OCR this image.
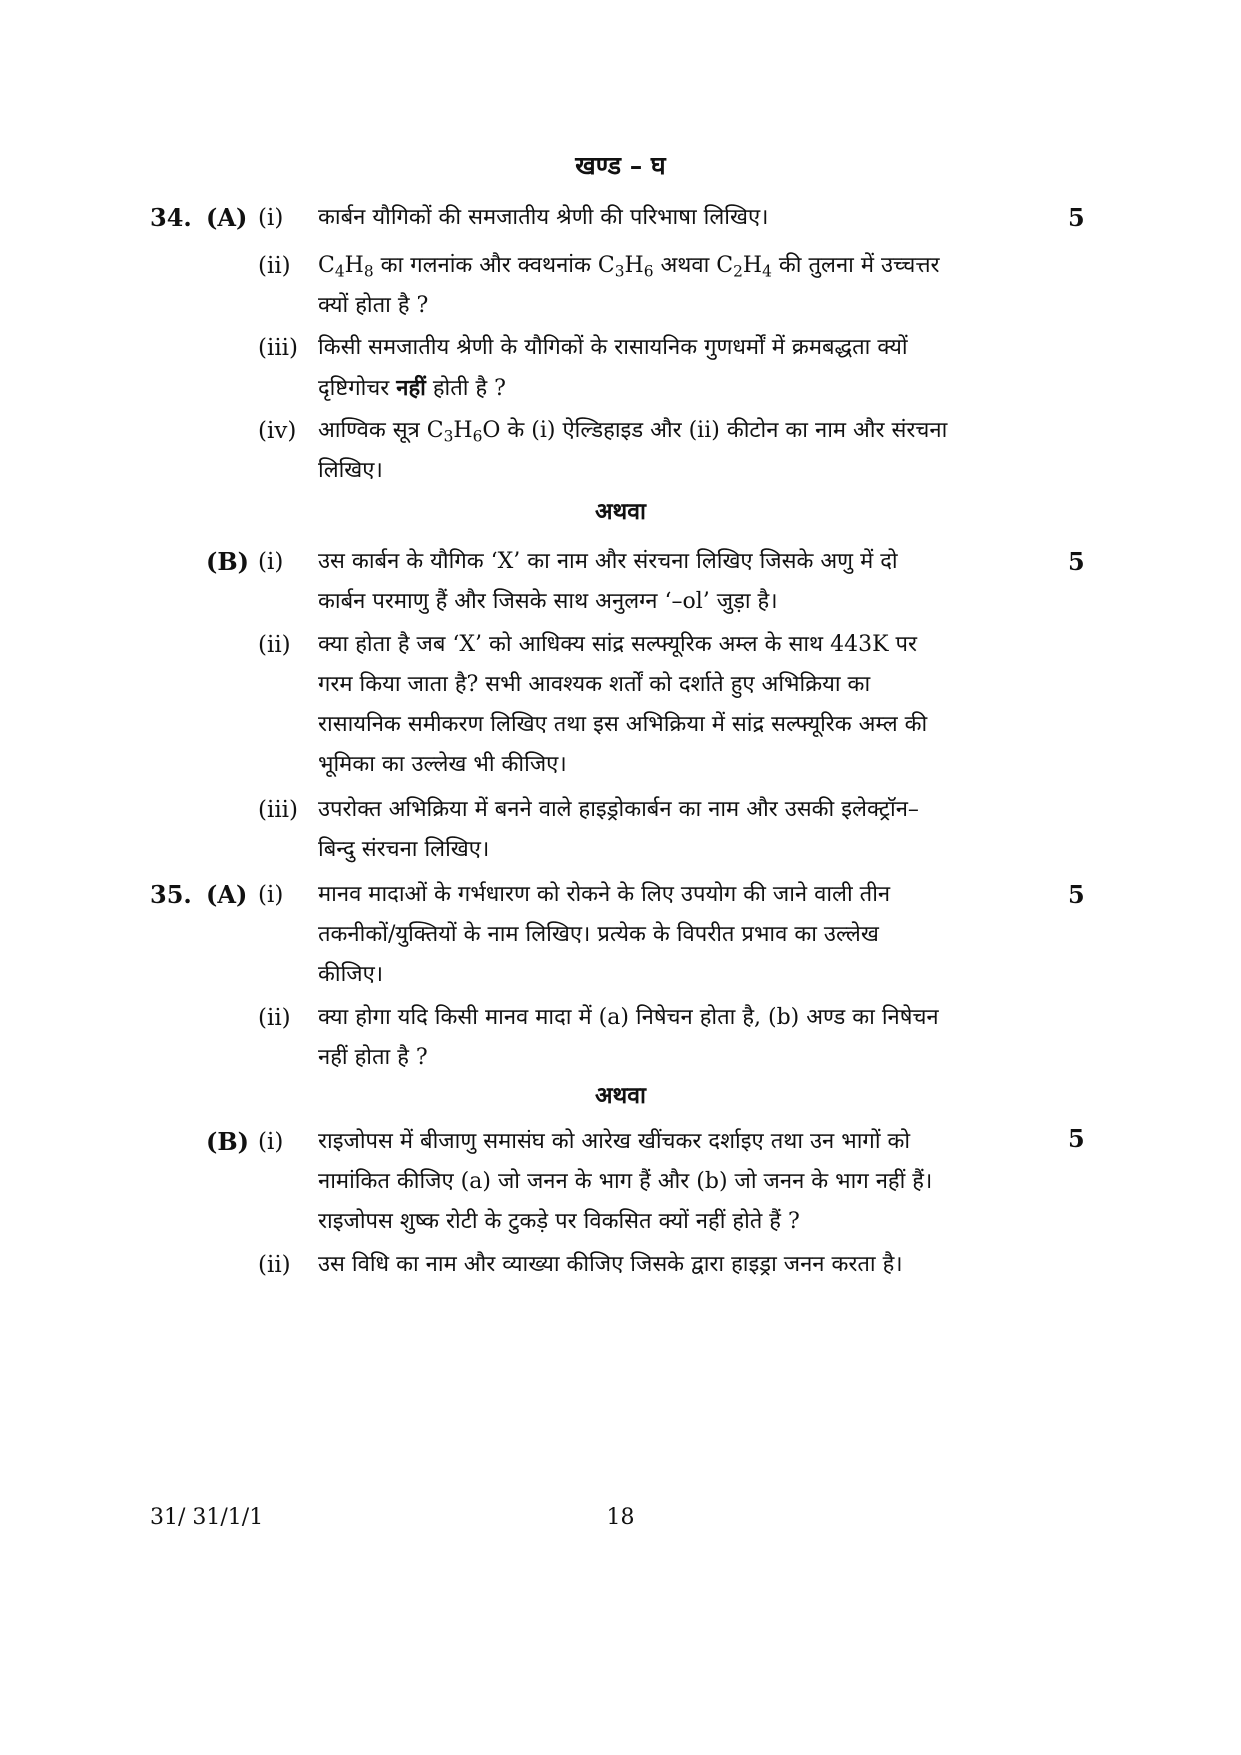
खण्ड – घ
34. (A)	5
(i) कार्बन यौगिकों की समजातीय श्रेणी की परिभाषा लिखिए।
(ii) $C_4H_8$ का गलनांक और क्वथनांक $C_3H_6$ अथवा $C_2H_4$ की तुलना में उच्चत्तर
क्यों होता है ?
(iii) किसी समजातीय श्रेणी के यौगिकों के रासायनिक गुणधर्मों में क्रमबद्धता क्यों
दृष्टिगोचर नहीं होती है ?
(iv) आण्विक सूत्र $C_3H_6O$ के (i) ऐल्डिहाइड और (ii) कीटोन का नाम और संरचना
लिखिए।
अथवा
(B)	5
(i) उस कार्बन के यौगिक ‘X’ का नाम और संरचना लिखिए जिसके अणु में दो
कार्बन परमाणु हैं और जिसके साथ अनुलग्न ‘–ol’ जुड़ा है।
(ii) क्या होता है जब ‘X’ को आधिक्य सांद्र सल्फ्यूरिक अम्ल के साथ 443K पर
गरम किया जाता है? सभी आवश्यक शर्तों को दर्शाते हुए अभिक्रिया का
रासायनिक समीकरण लिखिए तथा इस अभिक्रिया में सांद्र सल्फ्यूरिक अम्ल की
भूमिका का उल्लेख भी कीजिए।
(iii) उपरोक्त अभिक्रिया में बनने वाले हाइड्रोकार्बन का नाम और उसकी इलेक्ट्रॉन–
बिन्दु संरचना लिखिए।
35. (A)	5
(i) मानव मादाओं के गर्भधारण को रोकने के लिए उपयोग की जाने वाली तीन
तकनीकों/युक्तियों के नाम लिखिए। प्रत्येक के विपरीत प्रभाव का उल्लेख
कीजिए।
(ii) क्या होगा यदि किसी मानव मादा में (a) निषेचन होता है, (b) अण्ड का निषेचन
नहीं होता है ?
अथवा
(B)	5
(i) राइजोपस में बीजाणु समासंघ को आरेख खींचकर दर्शाइए तथा उन भागों को
नामांकित कीजिए (a) जो जनन के भाग हैं और (b) जो जनन के भाग नहीं हैं।
राइजोपस शुष्क रोटी के टुकड़े पर विकसित क्यों नहीं होते हैं ?
(ii) उस विधि का नाम और व्याख्या कीजिए जिसके द्वारा हाइड्रा जनन करता है।
31/ 31/1/1	18
